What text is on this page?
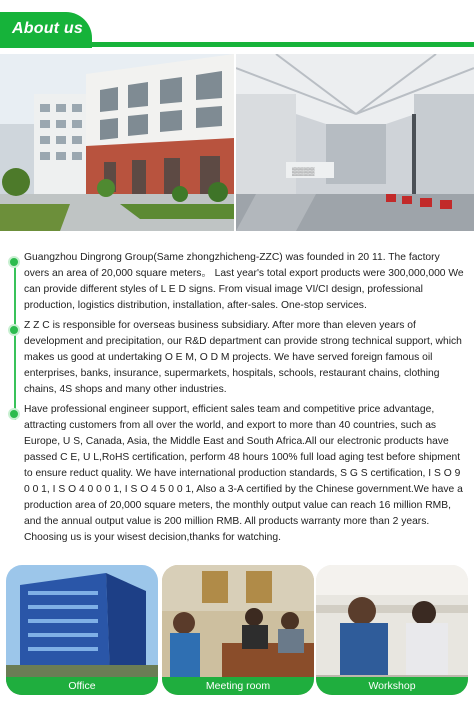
About us
▒▒▒▒
Guangzhou Dingrong Group(Same zhongzhicheng-ZZC) was founded in 20 11. The factory overs an area of 20,000 square meters。 Last year's total export products were 300,000,000 We can provide different styles of L E D signs. From visual image VI/CI design, professional production, logistics distribution, installation, after-sales. One-stop services.
Z Z C is responsible for overseas business subsidiary. After more than eleven years of development and precipitation, our R&D department can provide strong technical support, which makes us good at undertaking O E M, O D M projects. We have served foreign famous oil enterprises, banks, insurance, supermarkets, hospitals, schools, restaurant chains, clothing chains, 4S shops and many other industries.
Have professional engineer support, efficient sales team and competitive price advantage, attracting customers from all over the world, and export to more than 40 countries, such as Europe, U S, Canada, Asia, the Middle East and South Africa.All our electronic products have passed C E, U L,RoHS certification, perform 48 hours 100% full load aging test before shipment to ensure reduct quality. We have international production standards, S G S certification, I S O 9 0 0 1, I S O 4 0 0 0 1, I S O 4 5 0 0 1, Also a 3-A certified by the Chinese government.We have a production area of 20,000 square meters, the monthly output value can reach 16 million RMB, and the annual output value is 200 million RMB. All products warranty more than 2 years. Choosing us is your wisest decision,thanks for watching.
Office	Meeting room	Workshop
